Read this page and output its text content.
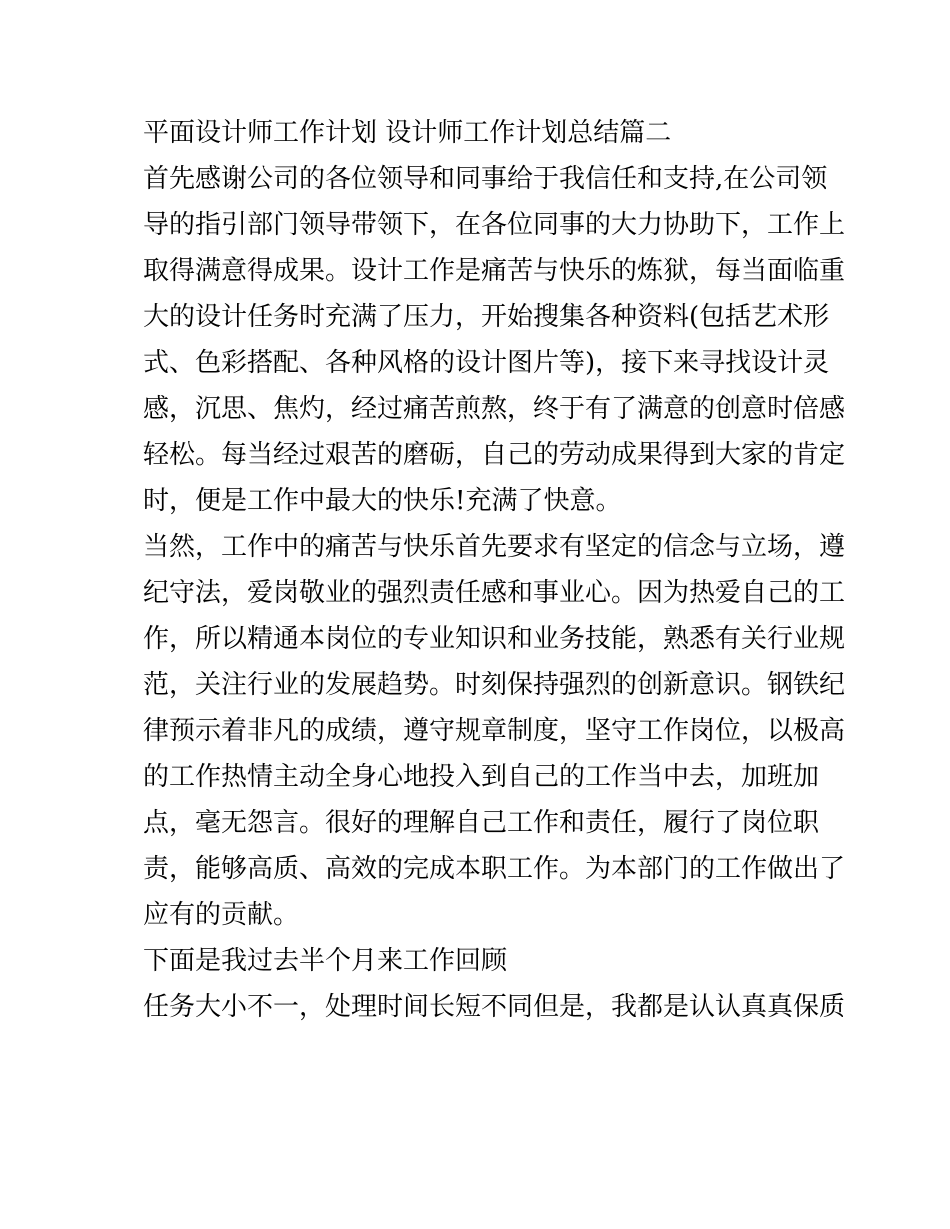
平面设计师工作计划 设计师工作计划总结篇二
首先感谢公司的各位领导和同事给于我信任和支持,在公司领
导的指引部门领导带领下，在各位同事的大力协助下，工作上
取得满意得成果。设计工作是痛苦与快乐的炼狱，每当面临重
大的设计任务时充满了压力，开始搜集各种资料(包括艺术形
式、色彩搭配、各种风格的设计图片等)，接下来寻找设计灵
感，沉思、焦灼，经过痛苦煎熬，终于有了满意的创意时倍感
轻松。每当经过艰苦的磨砺，自己的劳动成果得到大家的肯定
时，便是工作中最大的快乐!充满了快意。
当然，工作中的痛苦与快乐首先要求有坚定的信念与立场，遵
纪守法，爱岗敬业的强烈责任感和事业心。因为热爱自己的工
作，所以精通本岗位的专业知识和业务技能，熟悉有关行业规
范，关注行业的发展趋势。时刻保持强烈的创新意识。钢铁纪
律预示着非凡的成绩，遵守规章制度，坚守工作岗位，以极高
的工作热情主动全身心地投入到自己的工作当中去，加班加
点，毫无怨言。很好的理解自己工作和责任，履行了岗位职
责，能够高质、高效的完成本职工作。为本部门的工作做出了
应有的贡献。
下面是我过去半个月来工作回顾
任务大小不一，处理时间长短不同但是，我都是认认真真保质
